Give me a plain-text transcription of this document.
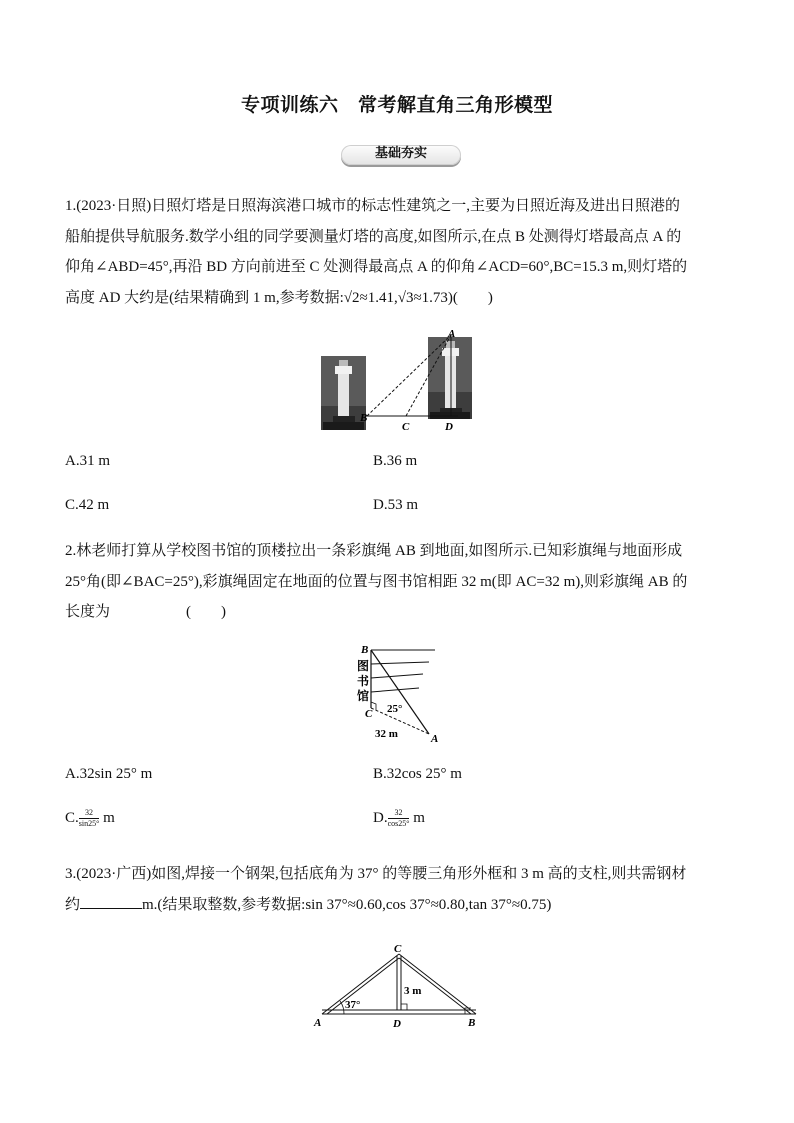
专项训练六　常考解直角三角形模型
基础夯实
1.(2023·日照)日照灯塔是日照海滨港口城市的标志性建筑之一,主要为日照近海及进出日照港的
船舶提供导航服务.数学小组的同学要测量灯塔的高度,如图所示,在点 B 处测得灯塔最高点 A 的
仰角∠ABD=45°,再沿 BD 方向前进至 C 处测得最高点 A 的仰角∠ACD=60°,BC=15.3 m,则灯塔的
高度 AD 大约是(结果精确到 1 m,参考数据:√2≈1.41,√3≈1.73)(　　)
A
B
C	D
A.31 m	B.36 m
C.42 m	D.53 m
2.林老师打算从学校图书馆的顶楼拉出一条彩旗绳 AB 到地面,如图所示.已知彩旗绳与地面形成
25°角(即∠BAC=25°),彩旗绳固定在地面的位置与图书馆相距 32 m(即 AC=32 m),则彩旗绳 AB 的
长度为	(　　)
B
C
A
图
书
馆
25°
32 m
A.32sin 25° m	B.32cos 25° m
C. $\frac{32}{\sin 25^\circ}$ m	D. $\frac{32}{\cos 25^\circ}$ m
3.(2023·广西)如图,焊接一个钢架,包括底角为 37° 的等腰三角形外框和 3 m 高的支柱,则共需钢材
约	m.(结果取整数,参考数据:sin 37°≈0.60,cos 37°≈0.80,tan 37°≈0.75)
C
A	D	B
37°
3 m
